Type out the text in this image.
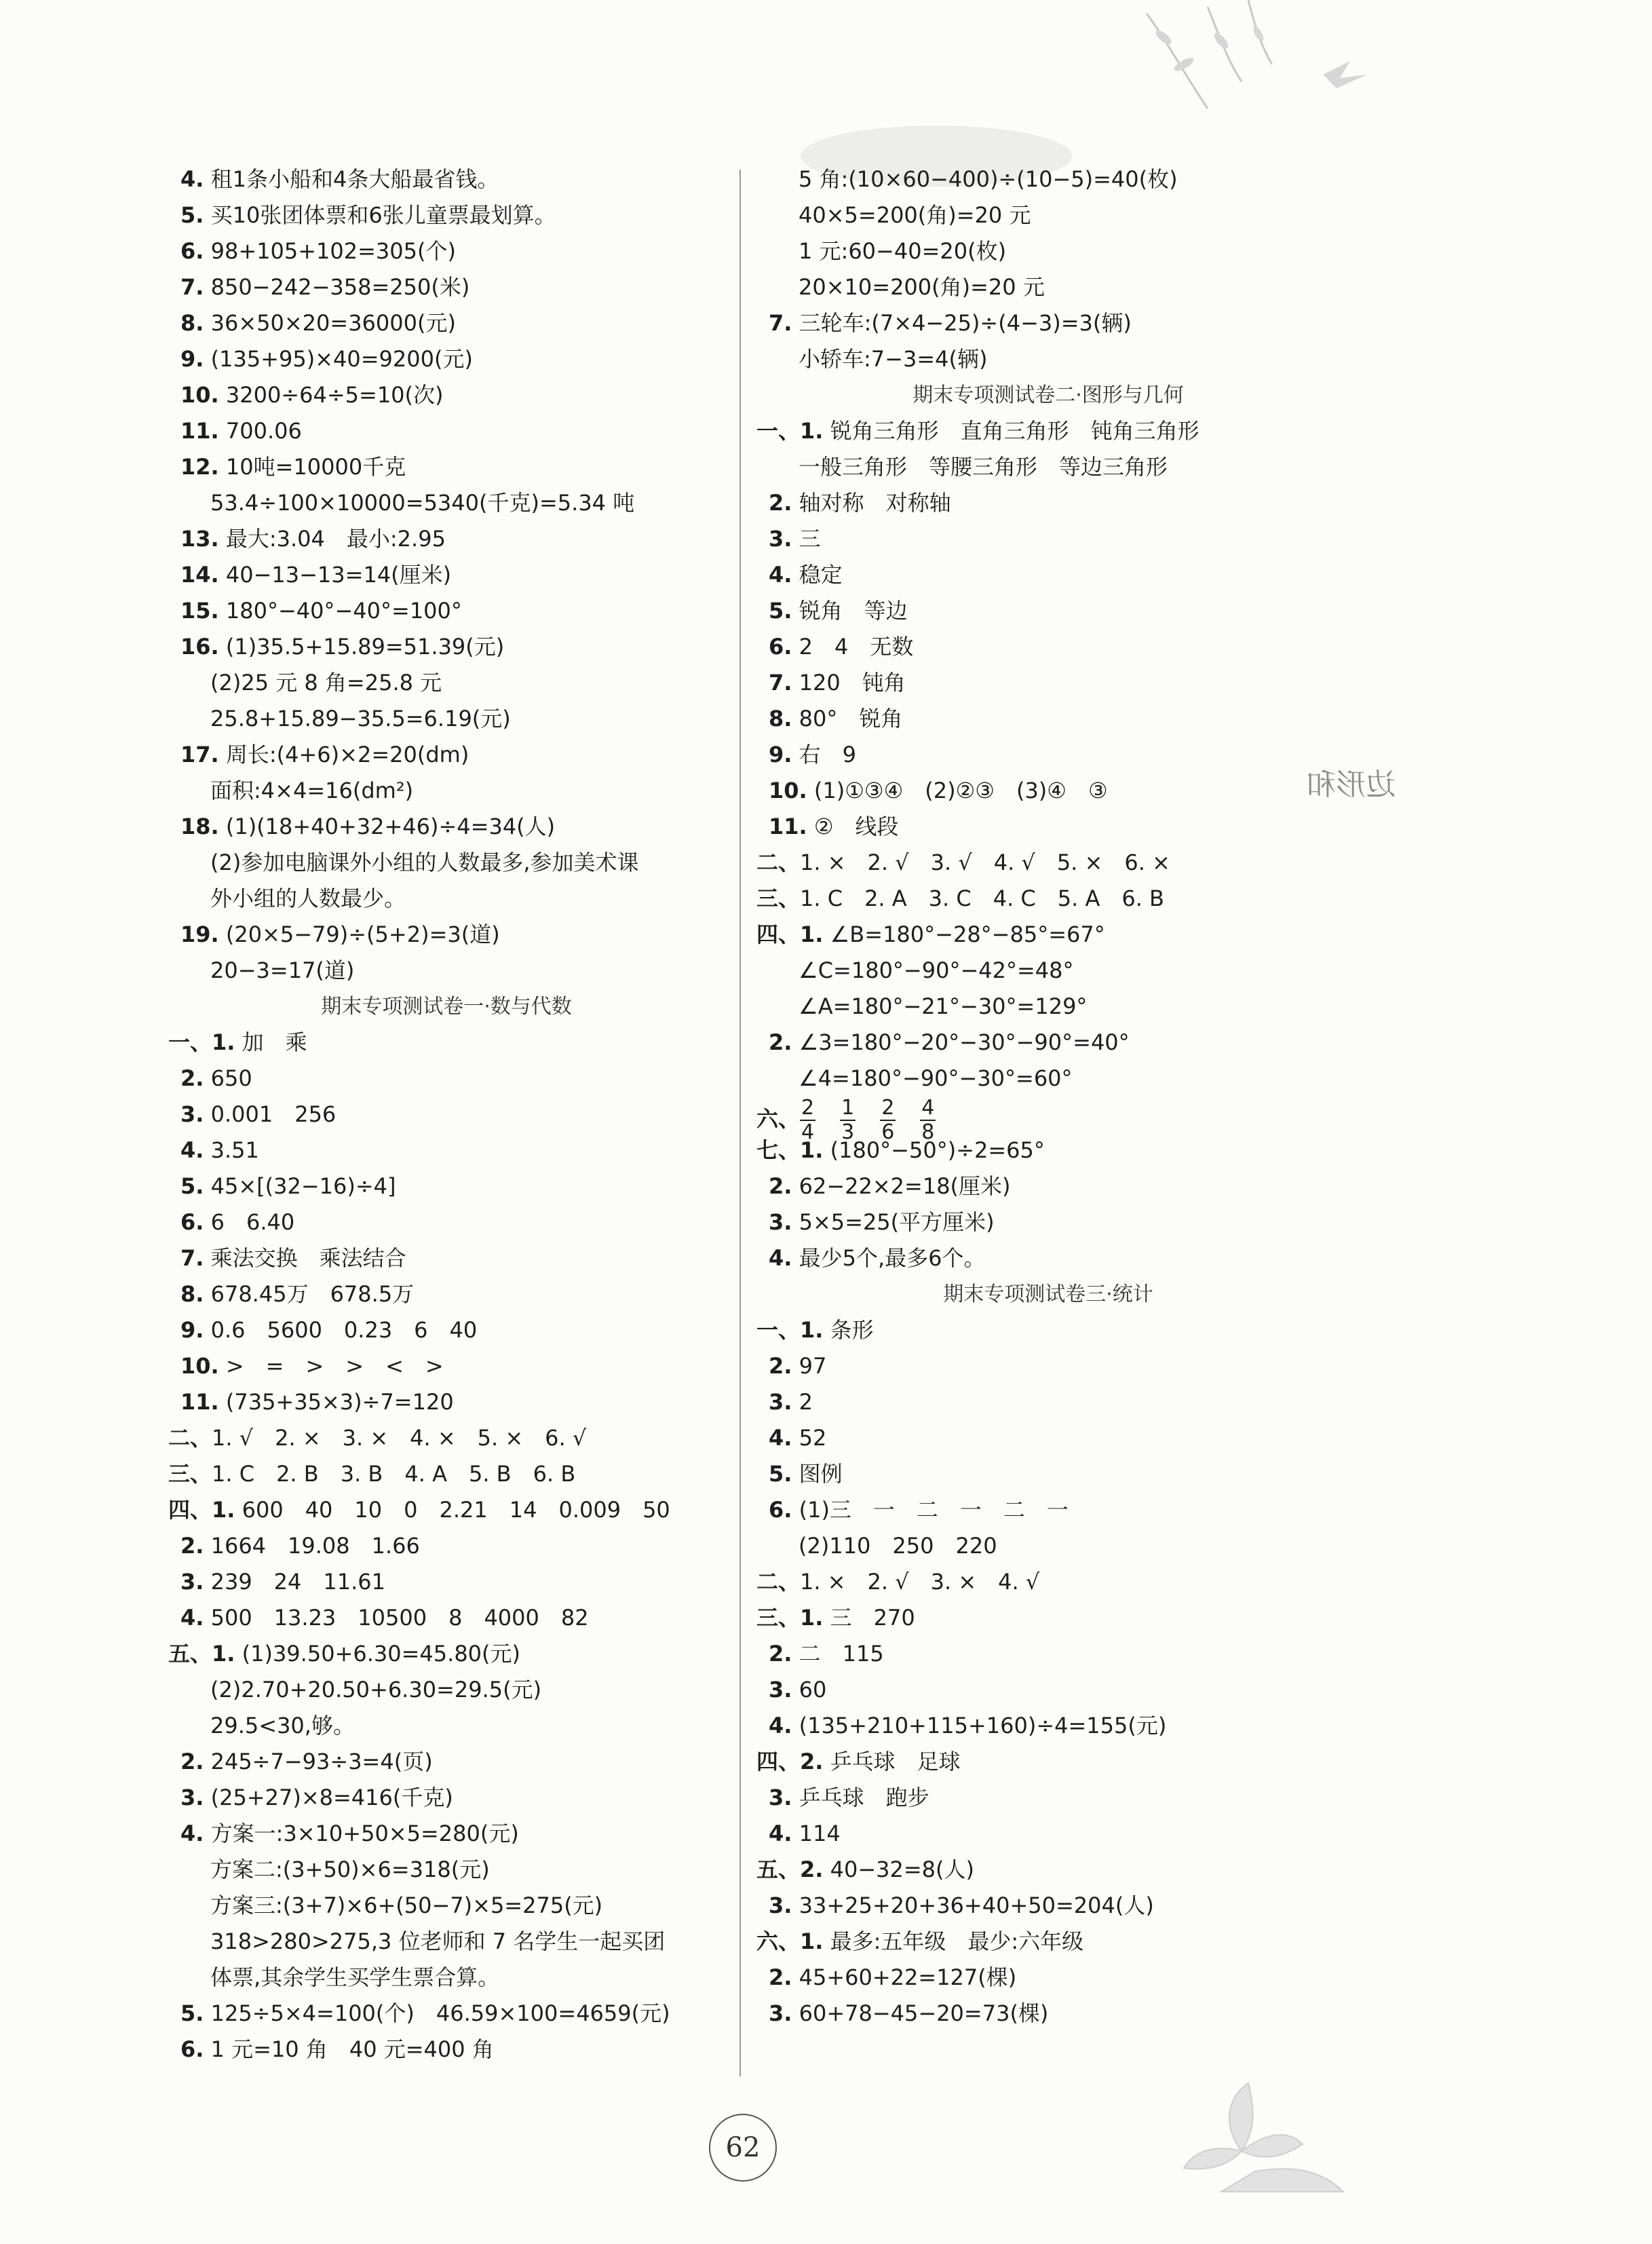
边形和
4. 租1条小船和4条大船最省钱。
5. 买10张团体票和6张儿童票最划算。
6. 98+105+102=305(个)
7. 850−242−358=250(米)
8. 36×50×20=36000(元)
9. (135+95)×40=9200(元)
10. 3200÷64÷5=10(次)
11. 700.06
12. 10吨=10000千克
53.4÷100×10000=5340(千克)=5.34 吨
13. 最大:3.04　最小:2.95
14. 40−13−13=14(厘米)
15. 180°−40°−40°=100°
16. (1)35.5+15.89=51.39(元)
(2)25 元 8 角=25.8 元
25.8+15.89−35.5=6.19(元)
17. 周长:(4+6)×2=20(dm)
面积:4×4=16(dm²)
18. (1)(18+40+32+46)÷4=34(人)
(2)参加电脑课外小组的人数最多,参加美术课
外小组的人数最少。
19. (20×5−79)÷(5+2)=3(道)
20−3=17(道)
期末专项测试卷一·数与代数
一、1. 加　乘
2. 650
3. 0.001　256
4. 3.51
5. 45×[(32−16)÷4]
6. 6　6.40
7. 乘法交换　乘法结合
8. 678.45万　678.5万
9. 0.6　5600　0.23　6　40
10. >　=　>　>　<　>
11. (735+35×3)÷7=120
二、1. √　2. ×　3. ×　4. ×　5. ×　6. √
三、1. C　2. B　3. B　4. A　5. B　6. B
四、1. 600　40　10　0　2.21　14　0.009　50
2. 1664　19.08　1.66
3. 239　24　11.61
4. 500　13.23　10500　8　4000　82
五、1. (1)39.50+6.30=45.80(元)
(2)2.70+20.50+6.30=29.5(元)
29.5<30,够。
2. 245÷7−93÷3=4(页)
3. (25+27)×8=416(千克)
4. 方案一:3×10+50×5=280(元)
方案二:(3+50)×6=318(元)
方案三:(3+7)×6+(50−7)×5=275(元)
318>280>275,3 位老师和 7 名学生一起买团
体票,其余学生买学生票合算。
5. 125÷5×4=100(个)　46.59×100=4659(元)
6. 1 元=10 角　40 元=400 角
5 角:(10×60−400)÷(10−5)=40(枚)
40×5=200(角)=20 元
1 元:60−40=20(枚)
20×10=200(角)=20 元
7. 三轮车:(7×4−25)÷(4−3)=3(辆)
小轿车:7−3=4(辆)
期末专项测试卷二·图形与几何
一、1. 锐角三角形　直角三角形　钝角三角形
一般三角形　等腰三角形　等边三角形
2. 轴对称　对称轴
3. 三
4. 稳定
5. 锐角　等边
6. 2　4　无数
7. 120　钝角
8. 80°　锐角
9. 右　9
10. (1)①③④　(2)②③　(3)④　③
11. ②　线段
二、1. ×　2. √　3. √　4. √　5. ×　6. ×
三、1. C　2. A　3. C　4. C　5. A　6. B
四、1. ∠B=180°−28°−85°=67°
∠C=180°−90°−42°=48°
∠A=180°−21°−30°=129°
2. ∠3=180°−20°−30°−90°=40°
∠4=180°−90°−30°=60°
六、 $\frac{2}{4} \frac{1}{3} \frac{2}{6} \frac{4}{8}$
七、1. (180°−50°)÷2=65°
2. 62−22×2=18(厘米)
3. 5×5=25(平方厘米)
4. 最少5个,最多6个。
期末专项测试卷三·统计
一、1. 条形
2. 97
3. 2
4. 52
5. 图例
6. (1)三　一　二　一　二　一
(2)110　250　220
二、1. ×　2. √　3. ×　4. √
三、1. 三　270
2. 二　115
3. 60
4. (135+210+115+160)÷4=155(元)
四、2. 乒乓球　足球
3. 乒乓球　跑步
4. 114
五、2. 40−32=8(人)
3. 33+25+20+36+40+50=204(人)
六、1. 最多:五年级　最少:六年级
2. 45+60+22=127(棵)
3. 60+78−45−20=73(棵)
62
